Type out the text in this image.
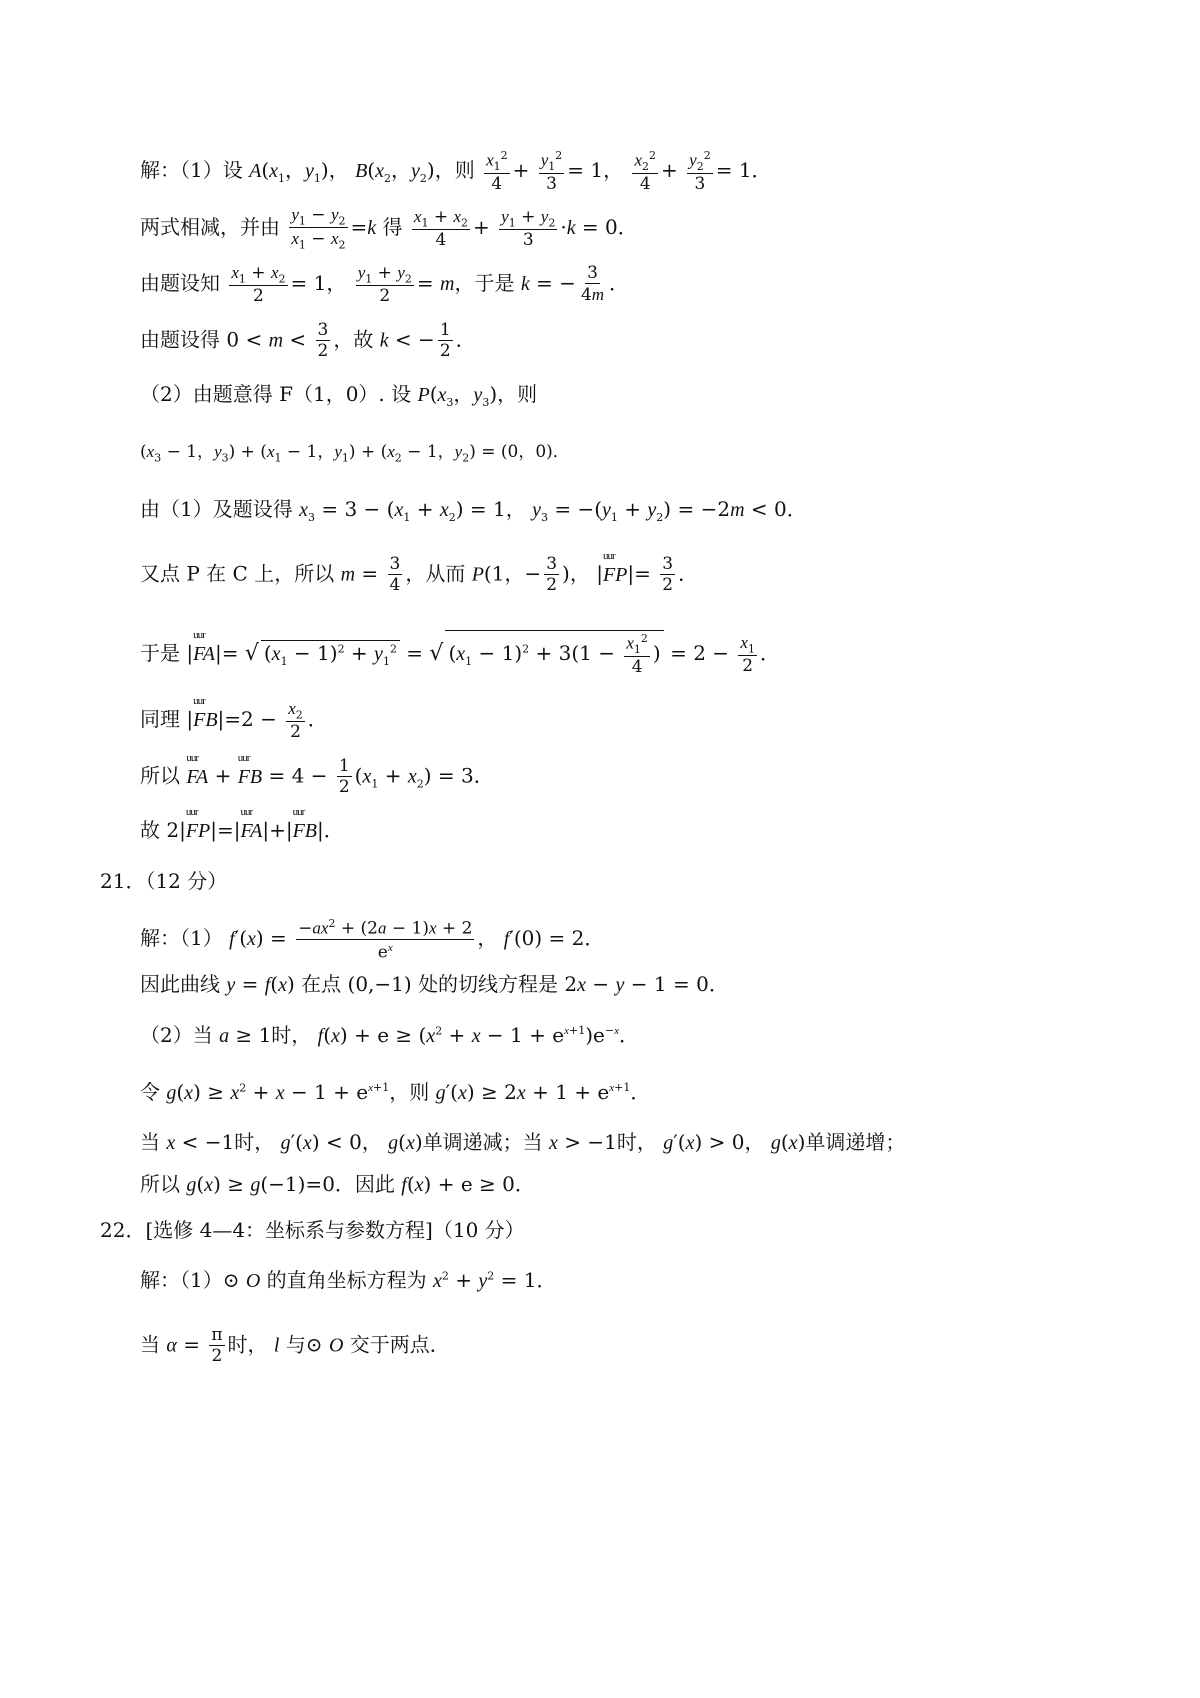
解：（1）设 $A(x_1$，$y_1$)， $B(x_2$，$y_2$)，则 $\frac{x_1^2}{4} + \frac{y_1^2}{3} = 1$， $\frac{x_2^2}{4} + \frac{y_2^2}{3} = 1$．
两式相减，并由 $\frac{y_1 - y_2}{x_1 - x_2} =k$ 得 $\frac{x_1 + x_2}{4} + \frac{y_1 + y_2}{3} \cdot k = 0$．
由题设知 $\frac{x_1 + x_2}{2} = 1$， $\frac{y_1 + y_2}{2} = m$，于是 k = − $\frac{3}{4m}$ ．
由题设得 $0 < m < \frac{3}{2}$ ，故 k < − $\frac{1}{2}$ ．
（2）由题意得 F（1，0）. 设 $P(x_3$，$y_3$)，则
($x_3 - 1$，$y_3) + (x_1 - 1$，$y_1) + (x_2 - 1$，$y_2) = (0$，0)．
由（1）及题设得 $x_3 = 3 - (x_1 + x_2) = 1$， $y_3 = -(y_1 + y_2) = -2m < 0$．
又点 P 在 C 上，所以 $m = \frac{3}{4}$ ，从而 P(1，− $\frac{3}{2}$ )， |
uur
$FP|= \frac{3}{2}$ ．
于是 |
uur
FA|= √ $(x_1 - 1)^2 + y_1^2$ = √ $(x_1 - 1)^2 + 3(1 - \frac{x_1^2}{4}$ ) = $2 - \frac{x_1}{2}$ ．
同理 |
uur
$FB|=2 - \frac{x_2}{2}$ ．
所以
uur
FA +
uur
FB = $4 - \frac{1}{2} (x_1 + x_2) = 3$．
故 2|
uur
FP|=|
uur
FA|+|
uur
FB|．
21．（12 分）
解：（1） $f'(x) = \frac{-ax^2 + (2a - 1)x + 2}{e^x}$ ， f′(0) = 2．
因此曲线 y = f(x) 在点 (0,−1) 处的切线方程是 2x − y − 1 = 0．
（2）当 a ≥ 1时， $f(x) + e \ge (x^2 + x - 1 + e^{x+1})e^{-x}$．
令 $g(x) \ge x^2 + x - 1 + e^{x+1}$，则 $g'(x) \ge 2x + 1 + e^{x+1}$．
当 x < −1时， g′(x) < 0， g(x)单调递减；当 x > −1时， g′(x) > 0， g(x)单调递增；
所以 g(x) ≥ g(−1)=0．因此 f(x) + e ≥ 0．
22．[选修 4—4：坐标系与参数方程]（10 分）
解：（1）⊙ O 的直角坐标方程为 $x^2 + y^2 = 1$．
当 $\alpha = \frac{\pi}{2}$ 时， l 与⊙ O 交于两点．
